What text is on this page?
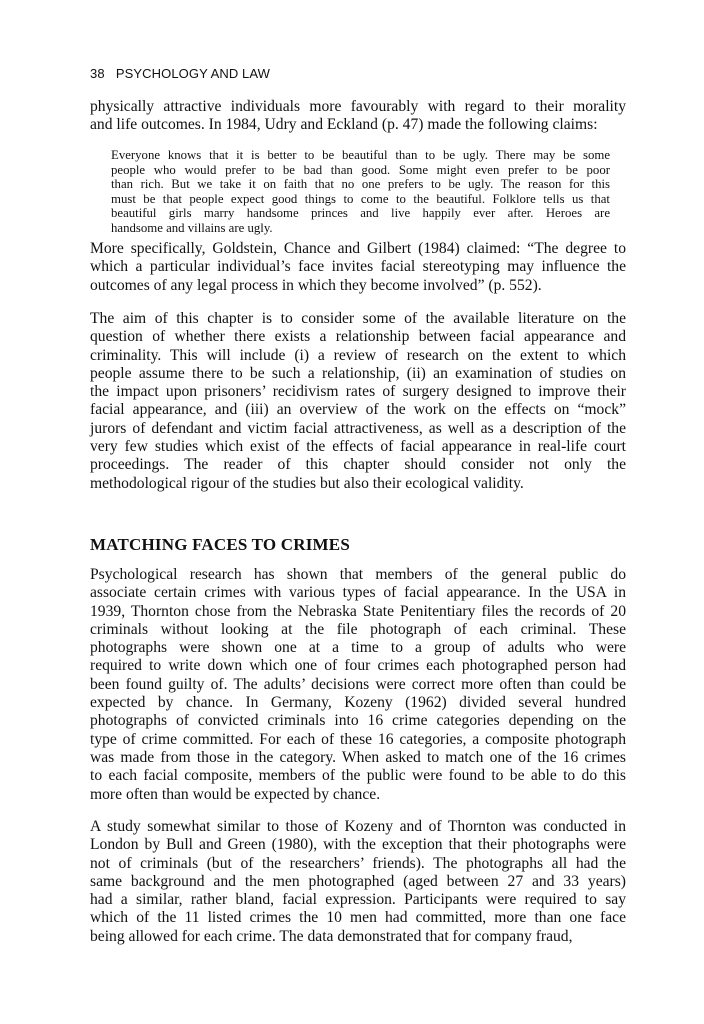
38 PSYCHOLOGY AND LAW
physically attractive individuals more favourably with regard to their morality
and life outcomes. In 1984, Udry and Eckland (p. 47) made the following claims:
Everyone knows that it is better to be beautiful than to be ugly. There may be some
people who would prefer to be bad than good. Some might even prefer to be poor
than rich. But we take it on faith that no one prefers to be ugly. The reason for this
must be that people expect good things to come to the beautiful. Folklore tells us that
beautiful girls marry handsome princes and live happily ever after. Heroes are
handsome and villains are ugly.
More specifically, Goldstein, Chance and Gilbert (1984) claimed: “The degree to
which a particular individual’s face invites facial stereotyping may influence the
outcomes of any legal process in which they become involved” (p. 552).
The aim of this chapter is to consider some of the available literature on the
question of whether there exists a relationship between facial appearance and
criminality. This will include (i) a review of research on the extent to which
people assume there to be such a relationship, (ii) an examination of studies on
the impact upon prisoners’ recidivism rates of surgery designed to improve their
facial appearance, and (iii) an overview of the work on the effects on “mock”
jurors of defendant and victim facial attractiveness, as well as a description of the
very few studies which exist of the effects of facial appearance in real-life court
proceedings. The reader of this chapter should consider not only the
methodological rigour of the studies but also their ecological validity.
MATCHING FACES TO CRIMES
Psychological research has shown that members of the general public do
associate certain crimes with various types of facial appearance. In the USA in
1939, Thornton chose from the Nebraska State Penitentiary files the records of 20
criminals without looking at the file photograph of each criminal. These
photographs were shown one at a time to a group of adults who were
required to write down which one of four crimes each photographed person had
been found guilty of. The adults’ decisions were correct more often than could be
expected by chance. In Germany, Kozeny (1962) divided several hundred
photographs of convicted criminals into 16 crime categories depending on the
type of crime committed. For each of these 16 categories, a composite photograph
was made from those in the category. When asked to match one of the 16 crimes
to each facial composite, members of the public were found to be able to do this
more often than would be expected by chance.
A study somewhat similar to those of Kozeny and of Thornton was conducted in
London by Bull and Green (1980), with the exception that their photographs were
not of criminals (but of the researchers’ friends). The photographs all had the
same background and the men photographed (aged between 27 and 33 years)
had a similar, rather bland, facial expression. Participants were required to say
which of the 11 listed crimes the 10 men had committed, more than one face
being allowed for each crime. The data demonstrated that for company fraud,
